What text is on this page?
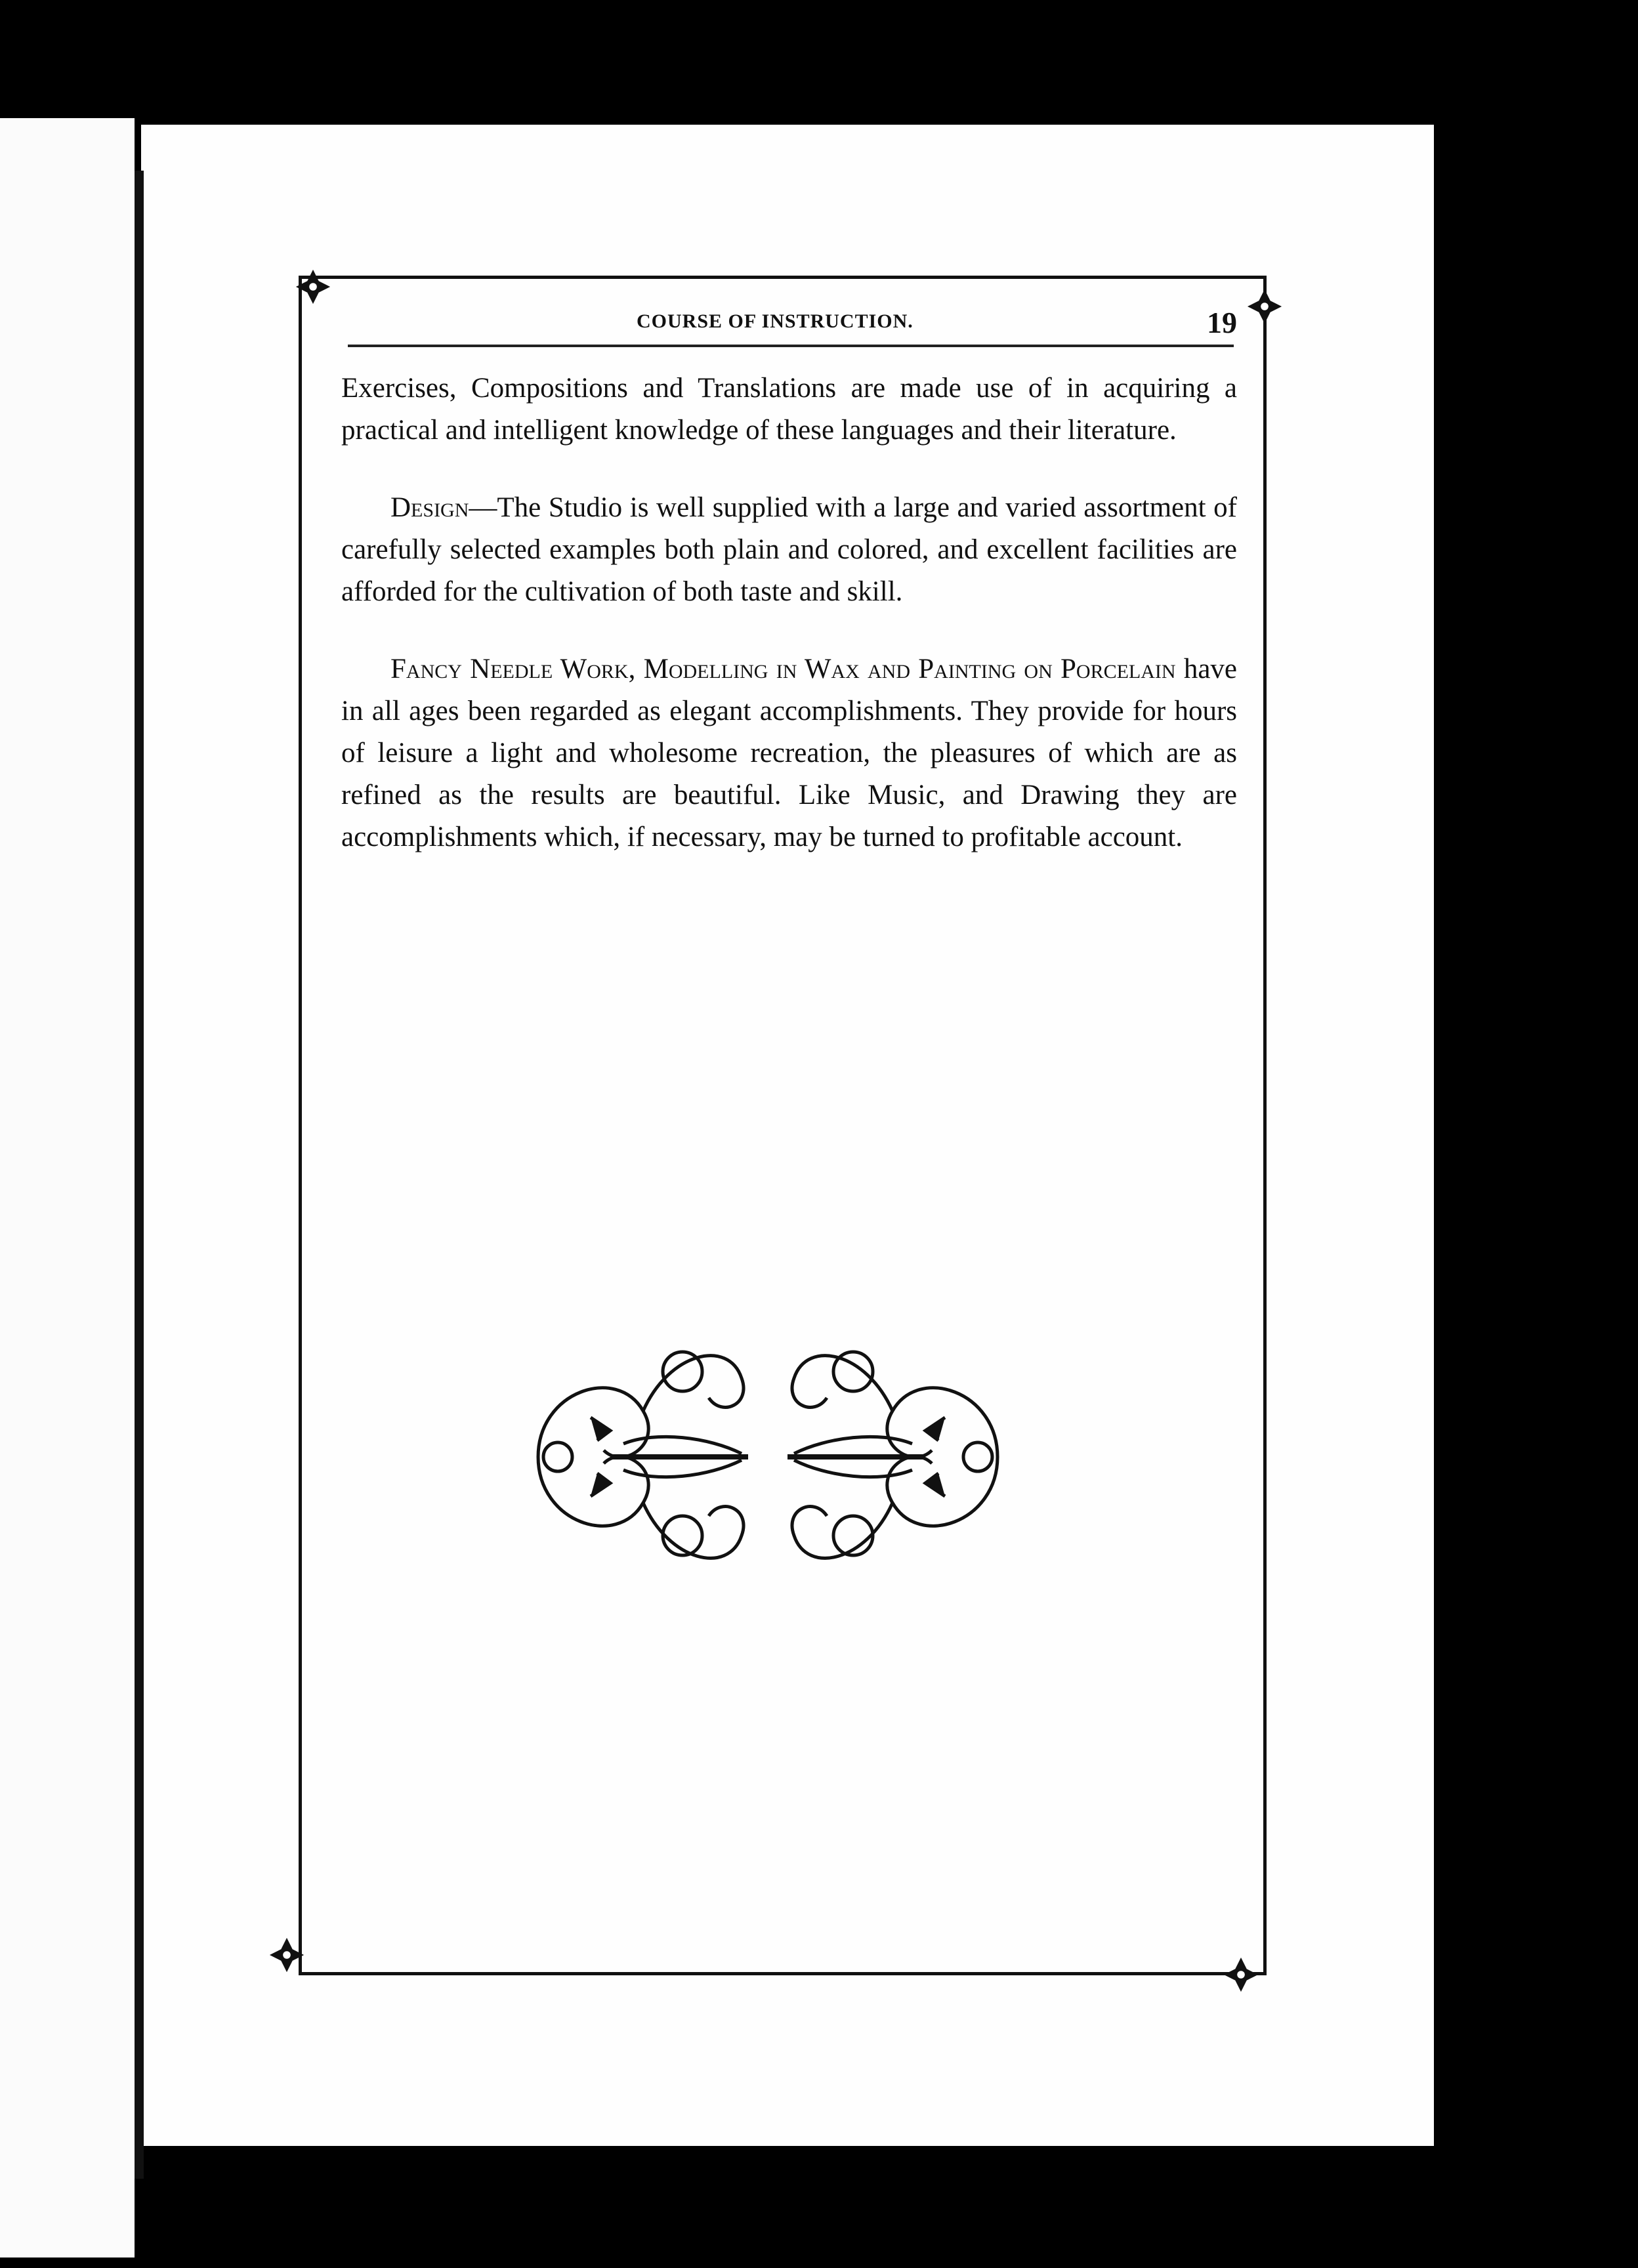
COURSE OF INSTRUCTION.	19

Exercises, Compositions and Translations are made use of in acquiring a practical and intelligent knowledge of these languages and their literature.

Design—The Studio is well supplied with a large and varied assortment of carefully selected examples both plain and colored, and excellent facilities are afforded for the cultivation of both taste and skill.

Fancy Needle Work, Modelling in Wax and Painting on Porcelain have in all ages been regarded as elegant accomplishments. They provide for hours of leisure a light and wholesome recreation, the pleasures of which are as refined as the results are beautiful. Like Music, and Drawing they are accomplishments which, if necessary, may be turned to profitable account.
